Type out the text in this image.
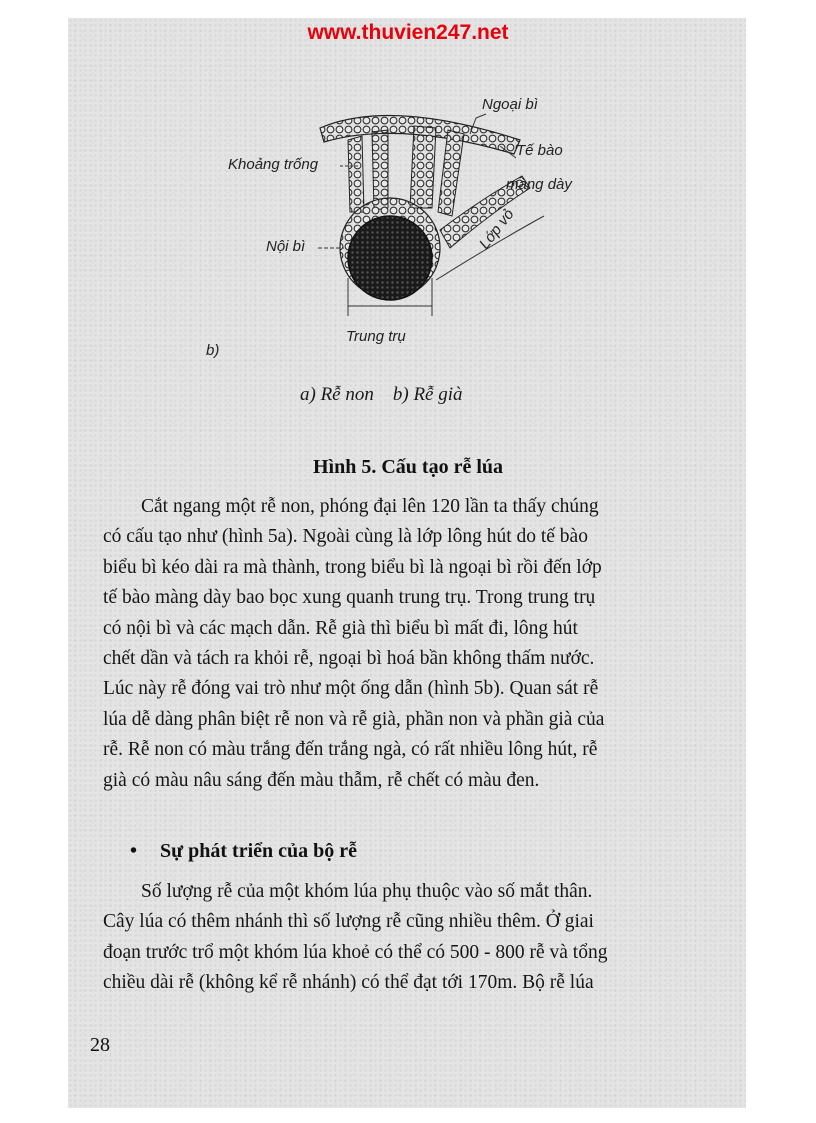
www.thuvien247.net
Ngoại bì
Khoảng trống
Tế bào
màng dày
Nội bì	Lớp vỏ
Trung trụ
b)
a) Rễ non    b) Rễ già
Hình 5. Cấu tạo rễ lúa
Cắt ngang một rễ non, phóng đại lên 120 lần ta thấy chúng
có cấu tạo như (hình 5a). Ngoài cùng là lớp lông hút do tế bào
biểu bì kéo dài ra mà thành, trong biểu bì là ngoại bì rồi đến lớp
tế bào màng dày bao bọc xung quanh trung trụ. Trong trung trụ
có nội bì và các mạch dẫn. Rễ già thì biểu bì mất đi, lông hút
chết dần và tách ra khỏi rễ, ngoại bì hoá bần không thấm nước.
Lúc này rễ đóng vai trò như một ống dẫn (hình 5b). Quan sát rễ
lúa dễ dàng phân biệt rễ non và rễ già, phần non và phần già của
rễ. Rễ non có màu trắng đến trắng ngà, có rất nhiều lông hút, rễ
già có màu nâu sáng đến màu thẫm, rễ chết có màu đen.
• Sự phát triển của bộ rễ
Số lượng rễ của một khóm lúa phụ thuộc vào số mắt thân.
Cây lúa có thêm nhánh thì số lượng rễ cũng nhiều thêm. Ở giai
đoạn trước trổ một khóm lúa khoẻ có thể có 500 - 800 rễ và tổng
chiều dài rễ (không kể rễ nhánh) có thể đạt tới 170m. Bộ rễ lúa
28
